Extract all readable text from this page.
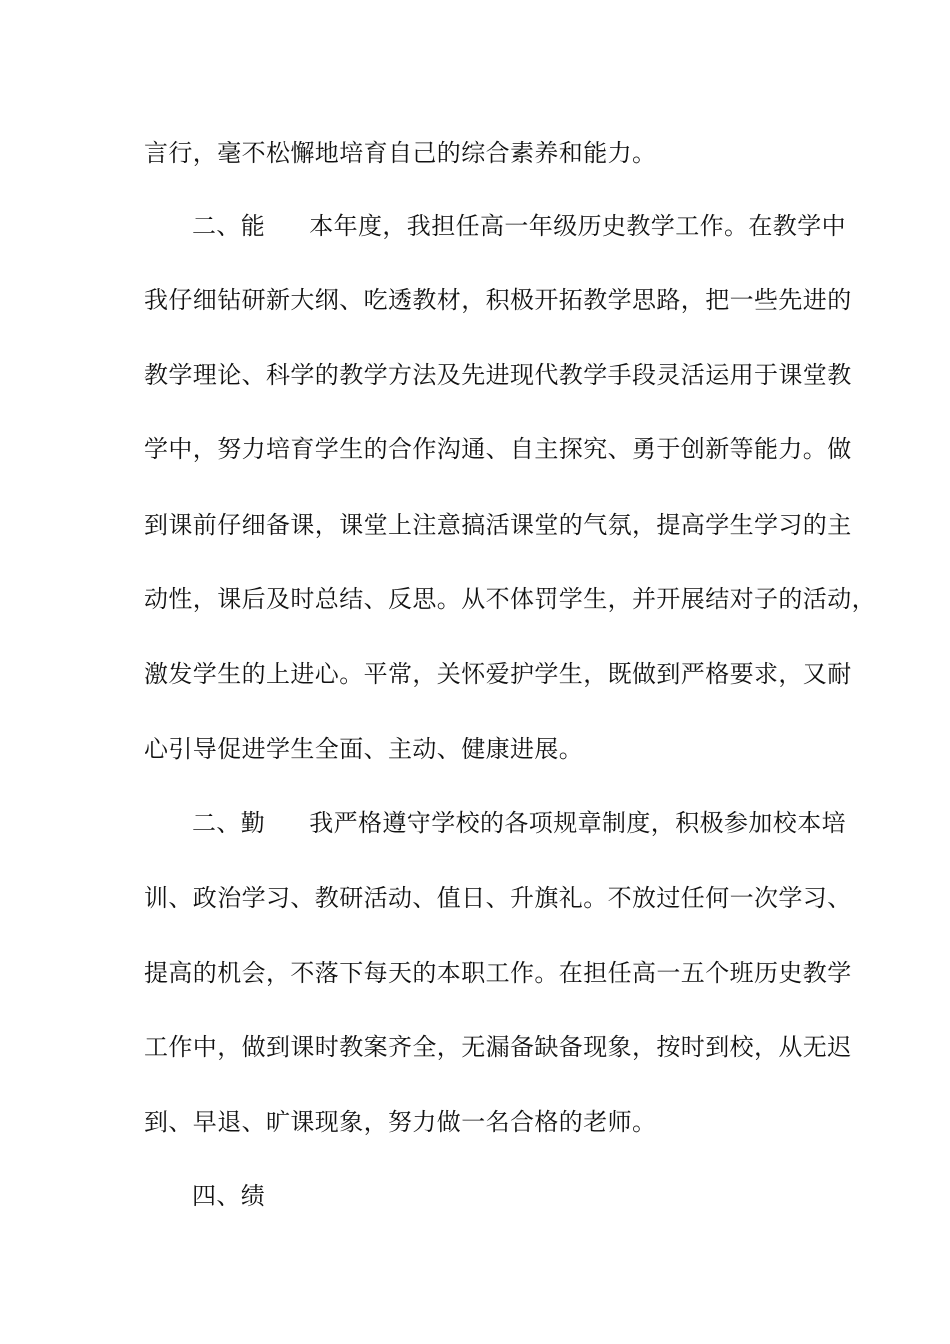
言行，毫不松懈地培育自己的综合素养和能力。
二、能 本年度，我担任高一年级历史教学工作。在教学中
我仔细钻研新大纲、吃透教材，积极开拓教学思路，把一些先进的
教学理论、科学的教学方法及先进现代教学手段灵活运用于课堂教
学中，努力培育学生的合作沟通、自主探究、勇于创新等能力。做
到课前仔细备课，课堂上注意搞活课堂的气氛，提高学生学习的主
动性，课后及时总结、反思。从不体罚学生，并开展结对子的活动，
激发学生的上进心。平常，关怀爱护学生，既做到严格要求，又耐
心引导促进学生全面、主动、健康进展。
二、勤 我严格遵守学校的各项规章制度，积极参加校本培
训、政治学习、教研活动、值日、升旗礼。不放过任何一次学习、
提高的机会，不落下每天的本职工作。在担任高一五个班历史教学
工作中，做到课时教案齐全，无漏备缺备现象，按时到校，从无迟
到、早退、旷课现象，努力做一名合格的老师。
四、绩
